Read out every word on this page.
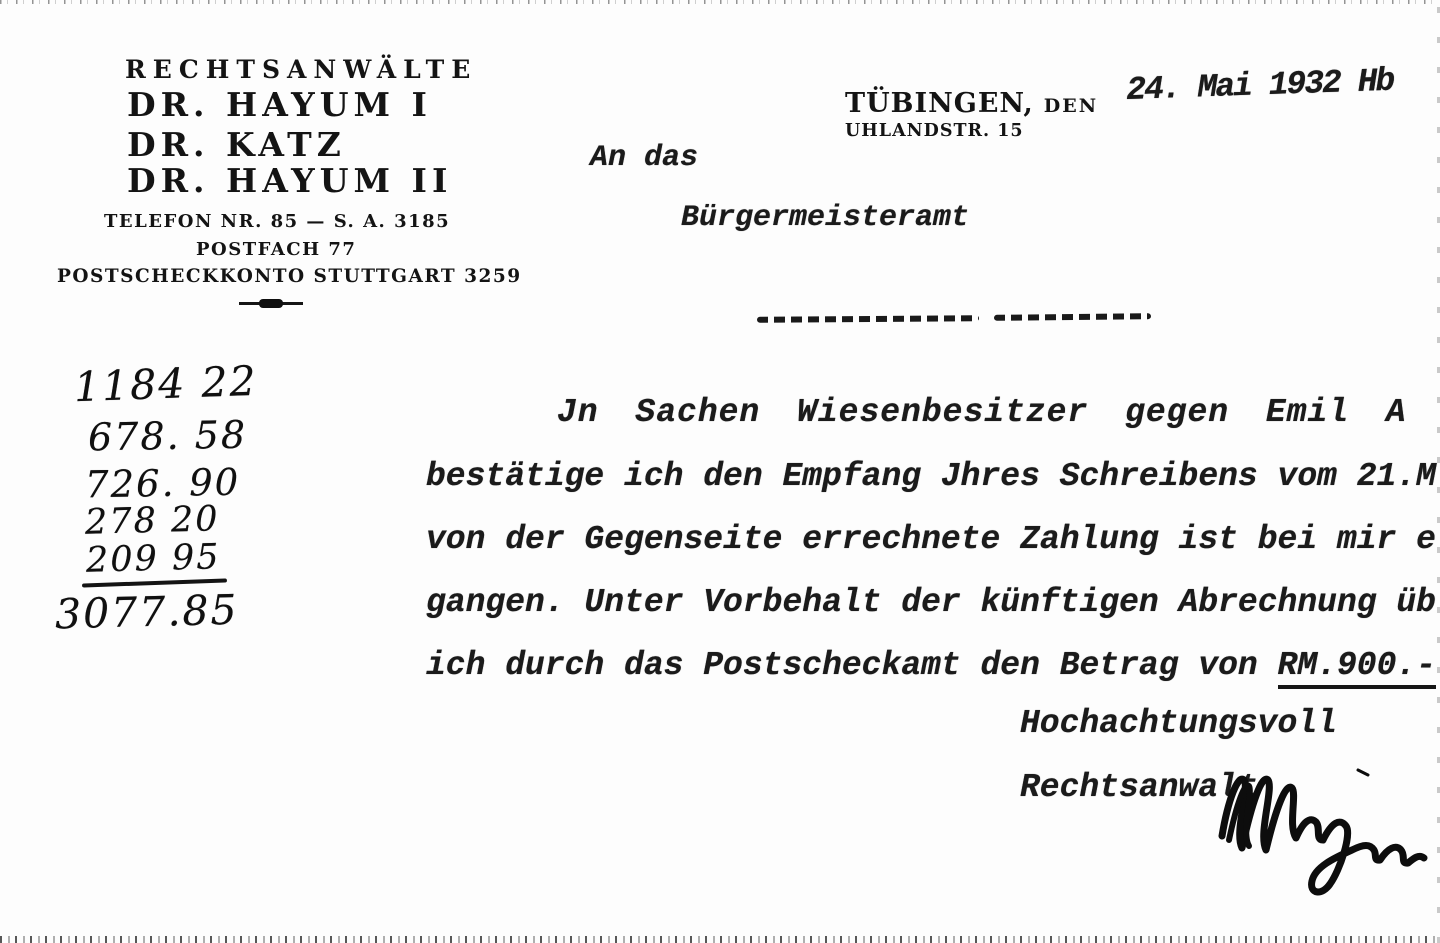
RECHTSANWÄLTE
DR. HAYUM I
DR. KATZ
DR. HAYUM II
TELEFON NR. 85 — S. A. 3185
POSTFACH 77
POSTSCHECKKONTO STUTTGART 3259
TÜBINGEN, DEN
UHLANDSTR. 15
24. Mai 1932 Hb
An das
Bürgermeisteramt
1184 22
678. 58
726. 90
278 20
209 95
3077.85
Jn Sachen Wiesenbesitzer gegen Emil A
bestätige ich den Empfang Jhres Schreibens vom 21.M
von der Gegenseite errechnete Zahlung ist bei mir e
gangen. Unter Vorbehalt der künftigen Abrechnung üb
ich durch das Postscheckamt den Betrag von RM.900.-
Hochachtungsvoll
Rechtsanwalt
